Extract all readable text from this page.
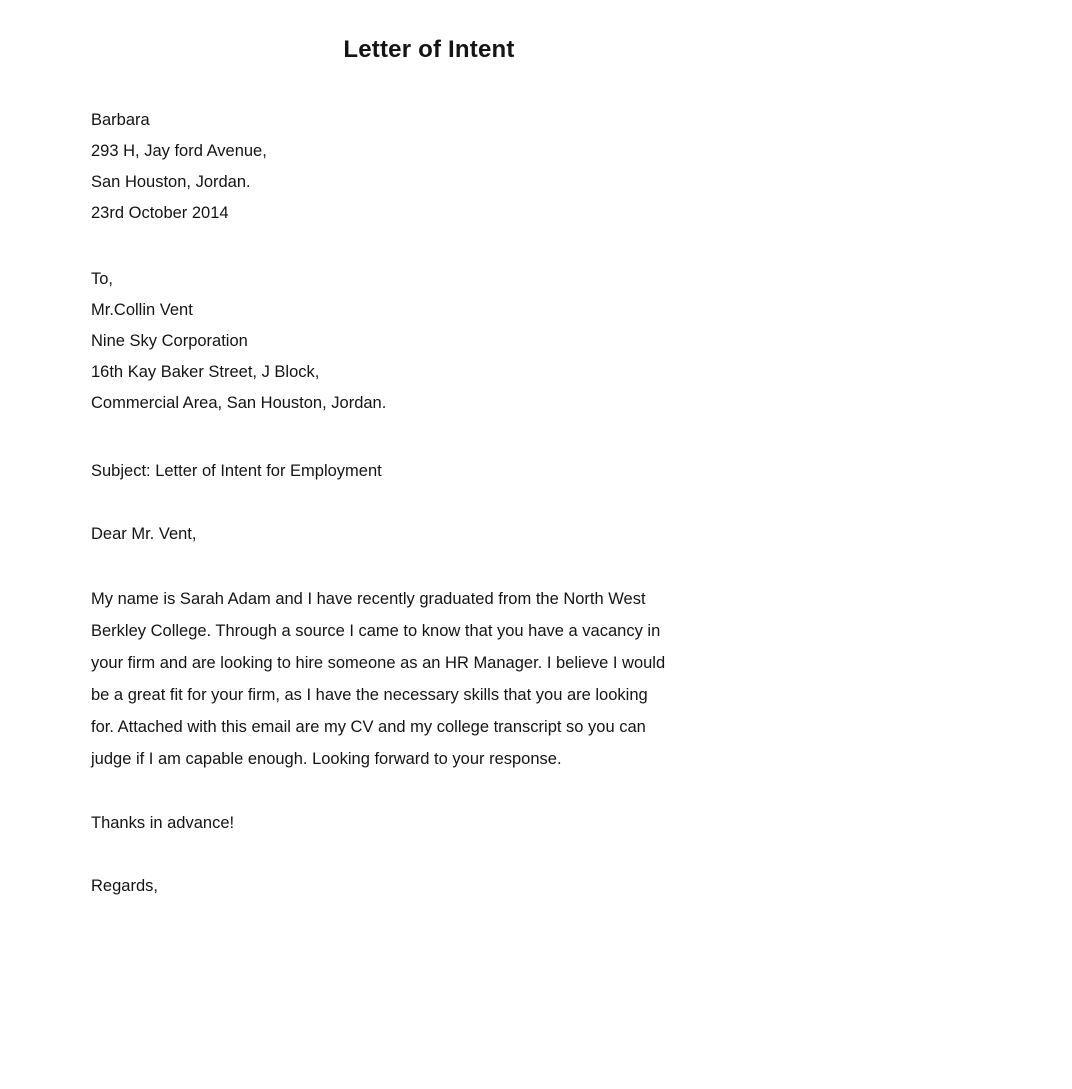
Letter of Intent
Barbara
293 H, Jay ford Avenue,
San Houston, Jordan.
23rd October 2014
To,
Mr.Collin Vent
Nine Sky Corporation
16th Kay Baker Street, J Block,
Commercial Area, San Houston, Jordan.
Subject: Letter of Intent for Employment
Dear Mr. Vent,
My name is Sarah Adam and I have recently graduated from the North West
Berkley College. Through a source I came to know that you have a vacancy in
your firm and are looking to hire someone as an HR Manager. I believe I would
be a great fit for your firm, as I have the necessary skills that you are looking
for. Attached with this email are my CV and my college transcript so you can
judge if I am capable enough. Looking forward to your response.
Thanks in advance!
Regards,
